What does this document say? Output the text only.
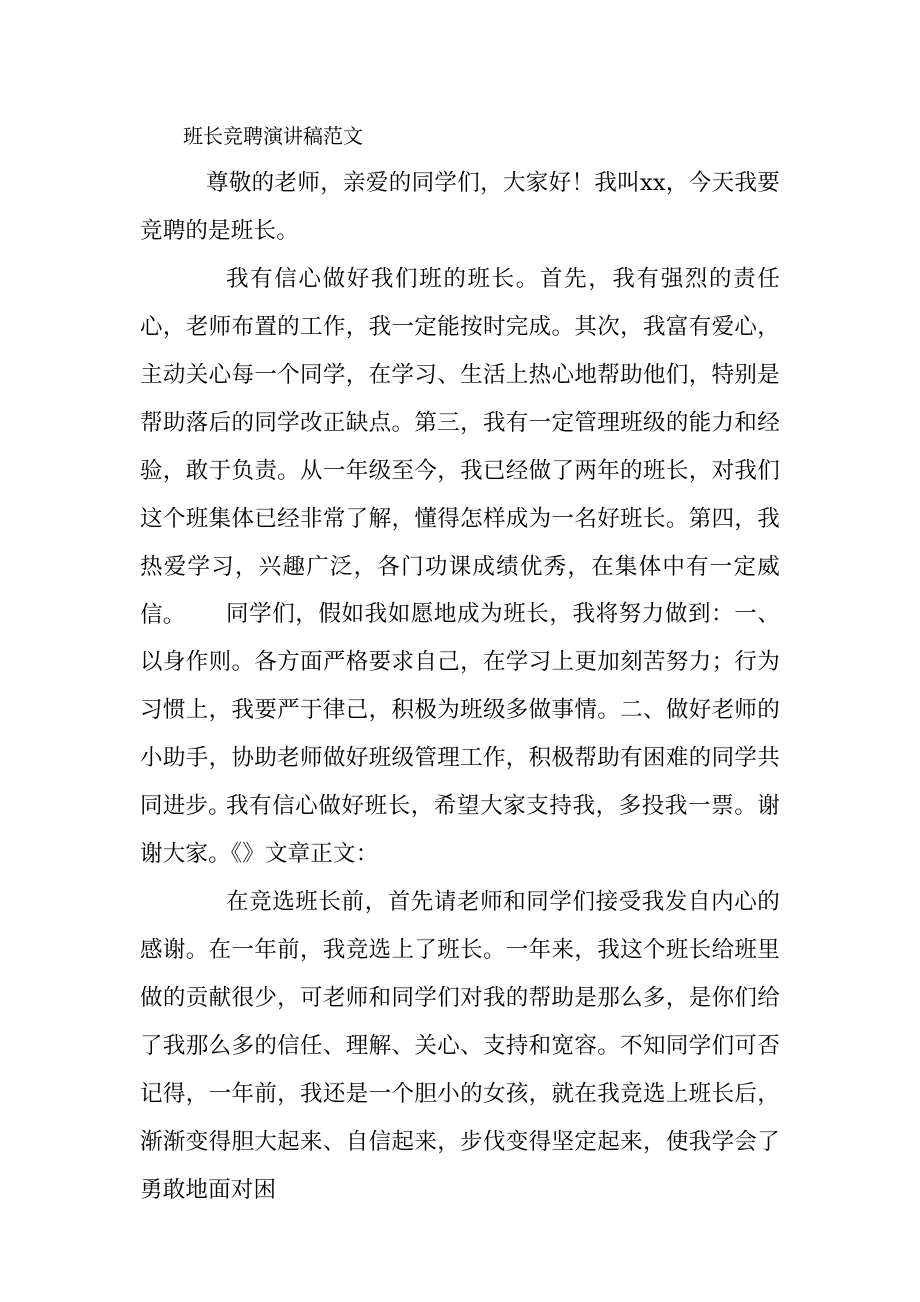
班长竞聘演讲稿范文

尊敬的老师，亲爱的同学们，大家好！我叫xx，今天我要竞聘的是班长。

我有信心做好我们班的班长。首先，我有强烈的责任心，老师布置的工作，我一定能按时完成。其次，我富有爱心，主动关心每一个同学，在学习、生活上热心地帮助他们，特别是帮助落后的同学改正缺点。第三，我有一定管理班级的能力和经验，敢于负责。从一年级至今，我已经做了两年的班长，对我们这个班集体已经非常了解，懂得怎样成为一名好班长。第四，我热爱学习，兴趣广泛，各门功课成绩优秀，在集体中有一定威信。	同学们，假如我如愿地成为班长，我将努力做到：一、以身作则。各方面严格要求自己，在学习上更加刻苦努力；行为习惯上，我要严于律己，积极为班级多做事情。二、做好老师的小助手，协助老师做好班级管理工作，积极帮助有困难的同学共同进步。

我有信心做好班长，希望大家支持我，多投我一票。谢谢大家。《》文章正文：

在竞选班长前，首先请老师和同学们接受我发自内心的感谢。在一年前，我竞选上了班长。一年来，我这个班长给班里做的贡献很少，可老师和同学们对我的帮助是那么多，是你们给了我那么多的信任、理解、关心、支持和宽容。不知同学们可否记得，一年前，我还是一个胆小的女孩，就在我竞选上班长后，渐渐变得胆大起来、自信起来，步伐变得坚定起来，使我学会了勇敢地面对困
